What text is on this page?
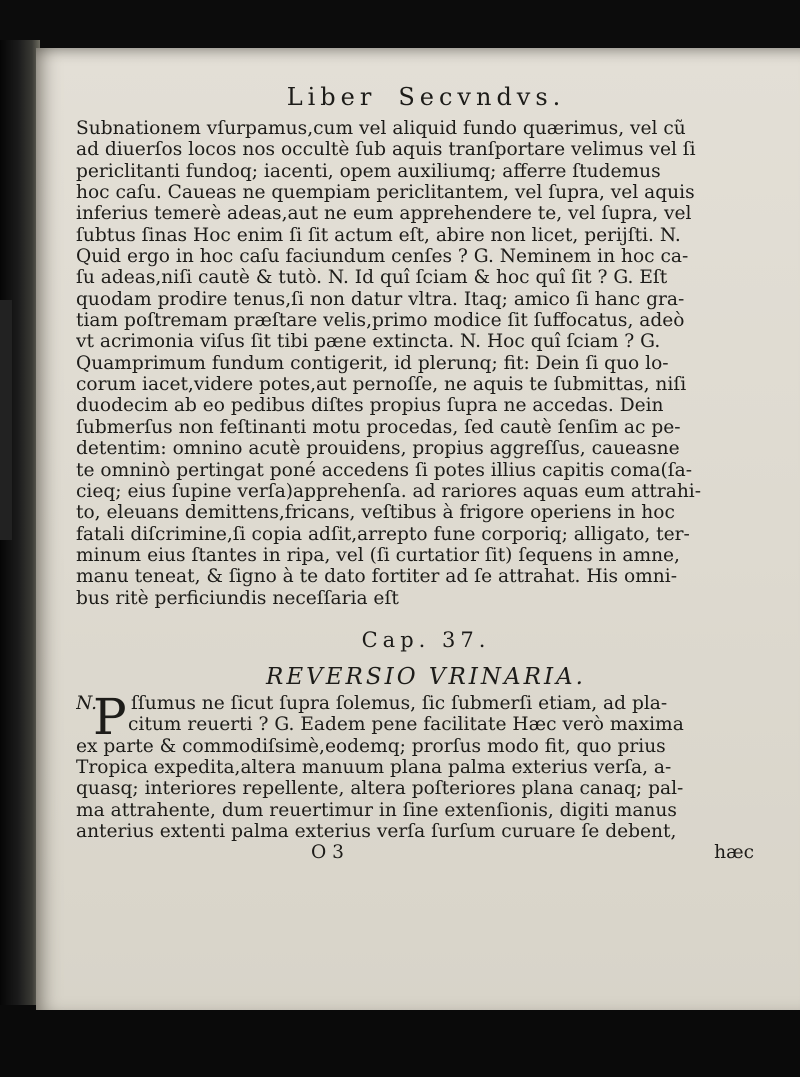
Liber Secvndvs.
Subnationem vſurpamus,cum vel aliquid fundo quærimus, vel cũ
ad diuerſos locos nos occultè ſub aquis tranſportare velimus vel ſi
periclitanti fundoq; iacenti, opem auxiliumq; afferre ſtudemus
hoc caſu. Caueas ne quempiam periclitantem, vel ſupra, vel aquis
inferius temerè adeas,aut ne eum apprehendere te, vel ſupra, vel
ſubtus ſinas Hoc enim ſi ſit actum eſt, abire non licet, perijſti. N.
Quid ergo in hoc caſu faciundum cenſes ? G. Neminem in hoc ca-
ſu adeas,niſi cautè & tutò. N. Id quî ſciam & hoc quî ſit ? G. Eſt
quodam prodire tenus,ſi non datur vltra. Itaq; amico ſi hanc gra-
tiam poſtremam præſtare velis,primo modice ſit ſuffocatus, adeò
vt acrimonia viſus ſit tibi pæne extincta. N. Hoc quî ſciam ? G.
Quamprimum fundum contigerit, id plerunq; fit: Dein ſi quo lo-
corum iacet,videre potes,aut pernoſſe, ne aquis te ſubmittas, niſi
duodecim ab eo pedibus diſtes propius ſupra ne accedas. Dein
ſubmerſus non feſtinanti motu procedas, ſed cautè ſenſim ac pe-
detentim: omnino acutè prouidens, propius aggreſſus, caueasne
te omninò pertingat poné accedens ſi potes illius capitis coma(ſa-
cieq; eius ſupine verſa)apprehenſa. ad rariores aquas eum attrahi-
to, eleuans demittens,fricans, veſtibus à frigore operiens in hoc
fatali diſcrimine,ſi copia adſit,arrepto fune corporiq; alligato, ter-
minum eius ſtantes in ripa, vel (ſi curtatior ſit) ſequens in amne,
manu teneat, & ſigno à te dato fortiter ad ſe attrahat. His omni-
bus ritè perficiundis neceſſaria eſt
Cap. 37.
REVERSIO VRINARIA.
N. ſſumus ne ſicut ſupra ſolemus, ſic ſubmerſi etiam, ad pla-
P citum reuerti ? G. Eadem pene facilitate Hæc verò maxima
ex parte & commodiſsimè,eodemq; prorſus modo fit, quo prius
Tropica expedita,altera manuum plana palma exterius verſa, a-
quasq; interiores repellente, altera poſteriores plana canaq; pal-
ma attrahente, dum reuertimur in ſine extenſionis, digiti manus
anterius extenti palma exterius verſa ſurſum curuare ſe debent,
O 3	hæc
